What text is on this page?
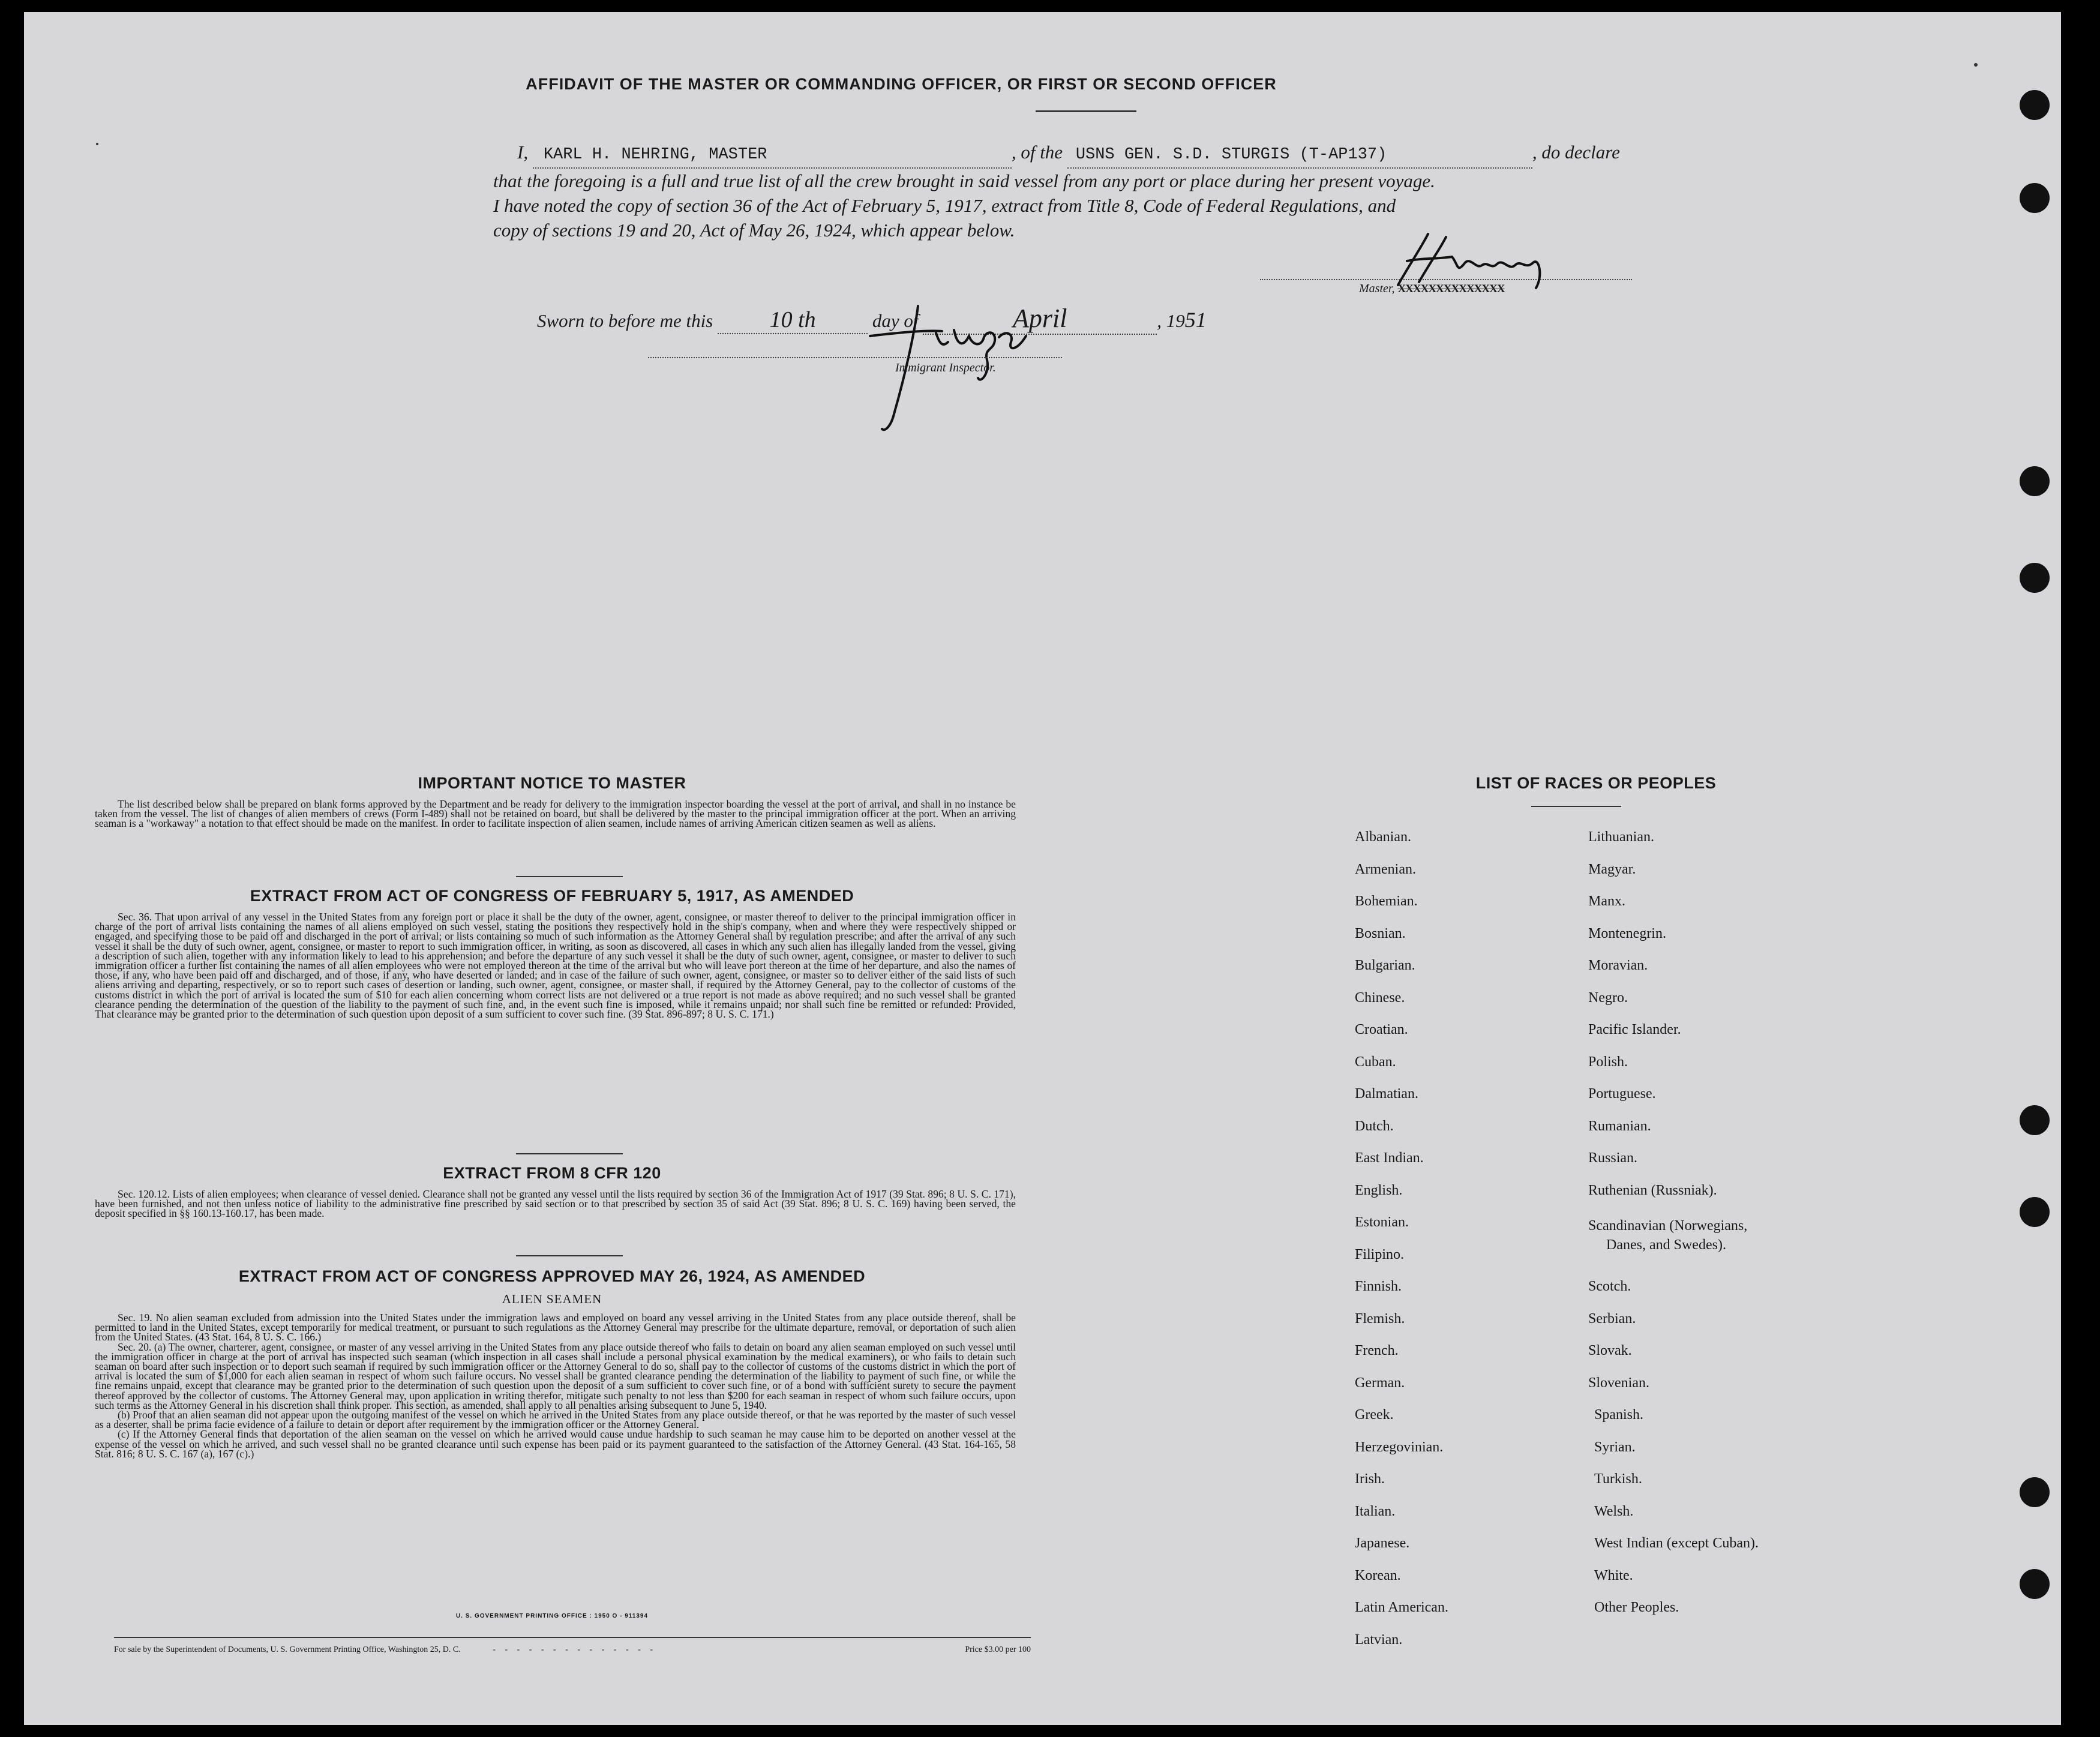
AFFIDAVIT OF THE MASTER OR COMMANDING OFFICER, OR FIRST OR SECOND OFFICER
I, KARL H. NEHRING, MASTER	, of the USNS GEN. S.D. STURGIS (T-AP137)	, do declare
that the foregoing is a full and true list of all the crew brought in said vessel from any port or place during her present voyage.
I have noted the copy of section 36 of the Act of February 5, 1917, extract from Title 8, Code of Federal Regulations, and
copy of sections 19 and 20, Act of May 26, 1924, which appear below.
Master, XXXXXXXXXXXXXX
Sworn to before me this 10 th	day of	April	, 1951
Immigrant Inspector.
IMPORTANT NOTICE TO MASTER
The list described below shall be prepared on blank forms approved by the Department and be ready for delivery to the immigration inspector boarding the vessel at the port of arrival, and shall in no instance be taken from the vessel. The list of changes of alien members of crews (Form I-489) shall not be retained on board, but shall be delivered by the master to the principal immigration officer at the port. When an arriving seaman is a "workaway" a notation to that effect should be made on the manifest. In order to facilitate inspection of alien seamen, include names of arriving American citizen seamen as well as aliens.
EXTRACT FROM ACT OF CONGRESS OF FEBRUARY 5, 1917, AS AMENDED
Sec. 36. That upon arrival of any vessel in the United States from any foreign port or place it shall be the duty of the owner, agent, consignee, or master thereof to deliver to the principal immigration officer in charge of the port of arrival lists containing the names of all aliens employed on such vessel, stating the positions they respectively hold in the ship's company, when and where they were respectively shipped or engaged, and specifying those to be paid off and discharged in the port of arrival; or lists containing so much of such information as the Attorney General shall by regulation prescribe; and after the arrival of any such vessel it shall be the duty of such owner, agent, consignee, or master to report to such immigration officer, in writing, as soon as discovered, all cases in which any such alien has illegally landed from the vessel, giving a description of such alien, together with any information likely to lead to his apprehension; and before the departure of any such vessel it shall be the duty of such owner, agent, consignee, or master to deliver to such immigration officer a further list containing the names of all alien employees who were not employed thereon at the time of the arrival but who will leave port thereon at the time of her departure, and also the names of those, if any, who have been paid off and discharged, and of those, if any, who have deserted or landed; and in case of the failure of such owner, agent, consignee, or master so to deliver either of the said lists of such aliens arriving and departing, respectively, or so to report such cases of desertion or landing, such owner, agent, consignee, or master shall, if required by the Attorney General, pay to the collector of customs of the customs district in which the port of arrival is located the sum of $10 for each alien concerning whom correct lists are not delivered or a true report is not made as above required; and no such vessel shall be granted clearance pending the determination of the question of the liability to the payment of such fine, and, in the event such fine is imposed, while it remains unpaid; nor shall such fine be remitted or refunded: Provided, That clearance may be granted prior to the determination of such question upon deposit of a sum sufficient to cover such fine. (39 Stat. 896-897; 8 U. S. C. 171.)
EXTRACT FROM 8 CFR 120
Sec. 120.12. Lists of alien employees; when clearance of vessel denied. Clearance shall not be granted any vessel until the lists required by section 36 of the Immigration Act of 1917 (39 Stat. 896; 8 U. S. C. 171), have been furnished, and not then unless notice of liability to the administrative fine prescribed by said section or to that prescribed by section 35 of said Act (39 Stat. 896; 8 U. S. C. 169) having been served, the deposit specified in §§ 160.13-160.17, has been made.
EXTRACT FROM ACT OF CONGRESS APPROVED MAY 26, 1924, AS AMENDED
ALIEN SEAMEN
Sec. 19. No alien seaman excluded from admission into the United States under the immigration laws and employed on board any vessel arriving in the United States from any place outside thereof, shall be permitted to land in the United States, except temporarily for medical treatment, or pursuant to such regulations as the Attorney General may prescribe for the ultimate departure, removal, or deportation of such alien from the United States. (43 Stat. 164, 8 U. S. C. 166.)
Sec. 20. (a) The owner, charterer, agent, consignee, or master of any vessel arriving in the United States from any place outside thereof who fails to detain on board any alien seaman employed on such vessel until the immigration officer in charge at the port of arrival has inspected such seaman (which inspection in all cases shall include a personal physical examination by the medical examiners), or who fails to detain such seaman on board after such inspection or to deport such seaman if required by such immigration officer or the Attorney General to do so, shall pay to the collector of customs of the customs district in which the port of arrival is located the sum of $1,000 for each alien seaman in respect of whom such failure occurs. No vessel shall be granted clearance pending the determination of the liability to payment of such fine, or while the fine remains unpaid, except that clearance may be granted prior to the determination of such question upon the deposit of a sum sufficient to cover such fine, or of a bond with sufficient surety to secure the payment thereof approved by the collector of customs. The Attorney General may, upon application in writing therefor, mitigate such penalty to not less than $200 for each seaman in respect of whom such failure occurs, upon such terms as the Attorney General in his discretion shall think proper. This section, as amended, shall apply to all penalties arising subsequent to June 5, 1940.
(b) Proof that an alien seaman did not appear upon the outgoing manifest of the vessel on which he arrived in the United States from any place outside thereof, or that he was reported by the master of such vessel as a deserter, shall be prima facie evidence of a failure to detain or deport after requirement by the immigration officer or the Attorney General.
(c) If the Attorney General finds that deportation of the alien seaman on the vessel on which he arrived would cause undue hardship to such seaman he may cause him to be deported on another vessel at the expense of the vessel on which he arrived, and such vessel shall no be granted clearance until such expense has been paid or its payment guaranteed to the satisfaction of the Attorney General. (43 Stat. 164-165, 58 Stat. 816; 8 U. S. C. 167 (a), 167 (c).)
U. S. GOVERNMENT PRINTING OFFICE : 1950 O - 911394
For sale by the Superintendent of Documents, U. S. Government Printing Office, Washington 25, D. C.	- - - - - - - - - - - - - -	Price $3.00 per 100
LIST OF RACES OR PEOPLES
Albanian.
Armenian.
Bohemian.
Bosnian.
Bulgarian.
Chinese.
Croatian.
Cuban.
Dalmatian.
Dutch.
East Indian.
English.
Estonian.
Filipino.
Finnish.
Flemish.
French.
German.
Greek.
Herzegovinian.
Irish.
Italian.
Japanese.
Korean.
Latin American.
Latvian.
Lithuanian.
Magyar.
Manx.
Montenegrin.
Moravian.
Negro.
Pacific Islander.
Polish.
Portuguese.
Rumanian.
Russian.
Ruthenian (Russniak).
Scandinavian (Norwegians,
Danes, and Swedes).
Scotch.
Serbian.
Slovak.
Slovenian.
Spanish.
Syrian.
Turkish.
Welsh.
West Indian (except Cuban).
White.
Other Peoples.
